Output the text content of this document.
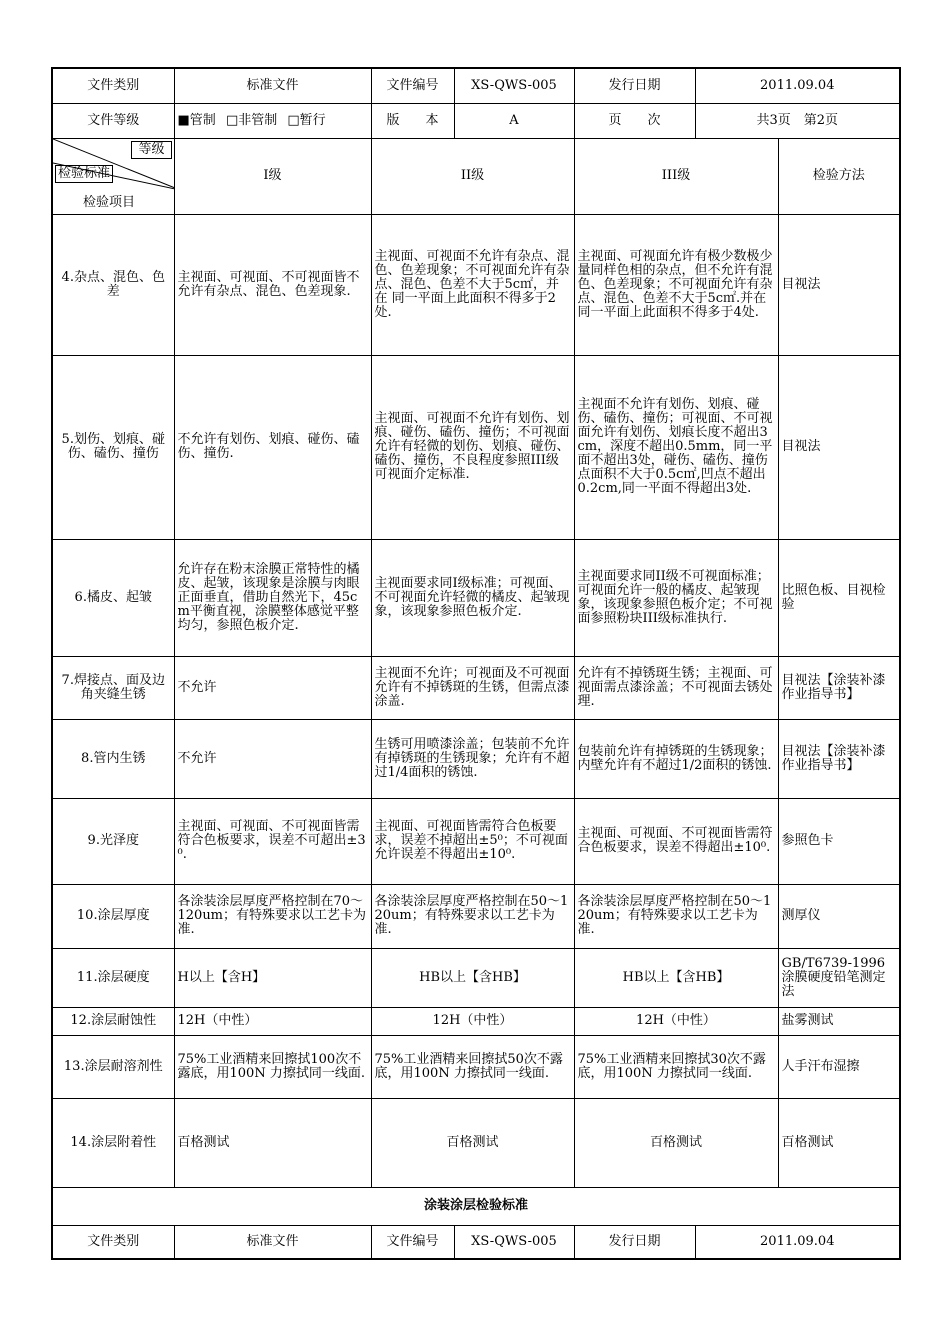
文件类别	标准文件	文件编号	XS-QWS-005	发行日期	2011.09.04	
文件等级	■管制 □非管制 □暂行	版　　本	A	页　　次	共3页　第2页	

等级
检验标准
检验项目	I级	II级		III级		检验方法
4.杂点、混色、色差	主视面、可视面、不可视面皆不允许有杂点、混色、色差现象.	主视面、可视面不允许有杂点、混色、色差现象；不可视面允许有杂点、混色、色差不大于5c㎡，并在 同一平面上此面积不得多于2处.		主视面、可视面允许有极少数极少量同样色相的杂点，但不允许有混色、色差现象；不可视面允许有杂点、混色、色差不大于5c㎡.并在同一平面上此面积不得多于4处.		目视法
5.划伤、划痕、碰伤、磕伤、撞伤	不允许有划伤、划痕、碰伤、磕伤、撞伤.	主视面、可视面不允许有划伤、划痕、碰伤、磕伤、撞伤；不可视面允许有轻微的划伤、划痕、碰伤、磕伤、撞伤，不良程度参照III级可视面介定标准.		主视面不允许有划伤、划痕、碰伤、磕伤、撞伤；可视面、不可视面允许有划伤、划痕长度不超出3cm，深度不超出0.5mm，同一平面不超出3处，碰伤、磕伤、撞伤点面积不大于0.5c㎡,凹点不超出0.2cm,同一平面不得超出3处.		目视法
6.橘皮、起皱	允许存在粉末涂膜正常特性的橘皮、起皱，该现象是涂膜与肉眼正面垂直，借助自然光下，45cm平衡直视，涂膜整体感觉平整均匀，参照色板介定.	主视面要求同I级标准；可视面、不可视面允许轻微的橘皮、起皱现象，该现象参照色板介定.		主视面要求同II级不可视面标准；可视面允许一般的橘皮、起皱现象，该现象参照色板介定；不可视面参照粉块III级标准执行.		比照色板、目视检验
7.焊接点、面及边角夹缝生锈	不允许	主视面不允许；可视面及不可视面允许有不掉锈斑的生锈，但需点漆涂盖.		允许有不掉锈斑生锈；主视面、可视面需点漆涂盖；不可视面去锈处理.		目视法【涂装补漆作业指导书】
8.管内生锈	不允许	生锈可用喷漆涂盖；包装前不允许有掉锈斑的生锈现象；允许有不超过1/4面积的锈蚀.		包装前允许有掉锈斑的生锈现象；内壁允许有不超过1/2面积的锈蚀.		目视法【涂装补漆作业指导书】
9.光泽度	主视面、可视面、不可视面皆需符合色板要求，误差不可超出±3⁰.	主视面、可视面皆需符合色板要求，误差不掉超出±5⁰；不可视面允许误差不得超出±10⁰.		主视面、可视面、不可视面皆需符合色板要求，误差不得超出±10⁰.		参照色卡
10.涂层厚度	各涂装涂层厚度严格控制在70～120um；有特殊要求以工艺卡为准.	各涂装涂层厚度严格控制在50～120um；有特殊要求以工艺卡为准.		各涂装涂层厚度严格控制在50～120um；有特殊要求以工艺卡为准.		测厚仪
11.涂层硬度	H以上【含H】	HB以上【含HB】		HB以上【含HB】		GB/T6739-1996涂膜硬度铅笔测定法
12.涂层耐蚀性	12H（中性）	12H（中性）		12H（中性）		盐雾测试
13.涂层耐溶剂性	75%工业酒精来回擦拭100次不露底，用100N 力擦拭同一线面.	75%工业酒精来回擦拭50次不露底，用100N 力擦拭同一线面.		75%工业酒精来回擦拭30次不露底，用100N 力擦拭同一线面.		人手汗布湿擦
14.涂层附着性	百格测试	百格测试		百格测试		百格测试
涂装涂层检验标准						
文件类别	标准文件	文件编号	XS-QWS-005	发行日期	2011.09.04	
